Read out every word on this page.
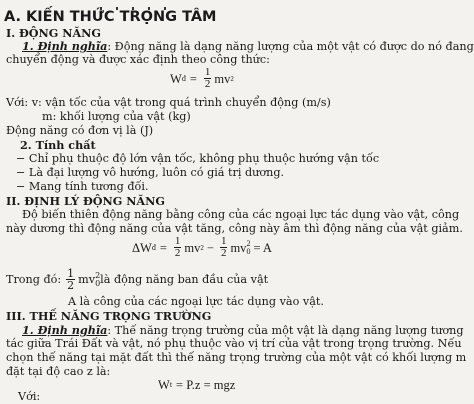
A. KIẾN THỨC TRỌNG TÂM
I. ĐỘNG NĂNG
1. Định nghĩa: Động năng là dạng năng lượng của một vật có được do nó đang
chuyển động và được xác định theo công thức:
W đ = $\frac{1}{2}$ mv 2
Với: v: vận tốc của vật trong quá trình chuyển động (m/s)
m: khối lượng của vật (kg)
Động năng có đơn vị là (J)
2. Tính chất
− Chỉ phụ thuộc độ lớn vận tốc, không phụ thuộc hướng vận tốc
− Là đại lượng vô hướng, luôn có giá trị dương.
− Mang tính tương đối.
II. ĐỊNH LÝ ĐỘNG NĂNG
Độ biến thiên động năng bằng công của các ngoại lực tác dụng vào vật, công
này dương thì động năng của vật tăng, công này âm thì động năng của vật giảm.
ΔW đ = $\frac{1}{2}$ mv $2 - \frac{1}{2}$ mv 2
0 = A
Trong đó: $\frac{1}{2}$ mv 2
0 là động năng ban đầu của vật
A là công của các ngoại lực tác dụng vào vật.
III. THẾ NĂNG TRỌNG TRƯỜNG
1. Định nghĩa: Thế năng trọng trường của một vật là dạng năng lượng tương
tác giữa Trái Đất và vật, nó phụ thuộc vào vị trí của vật trong trọng trường. Nếu
chọn thế năng tại mặt đất thì thế năng trọng trường của một vật có khối lượng m
đặt tại độ cao z là:
W t = P.z = mgz
Với:
